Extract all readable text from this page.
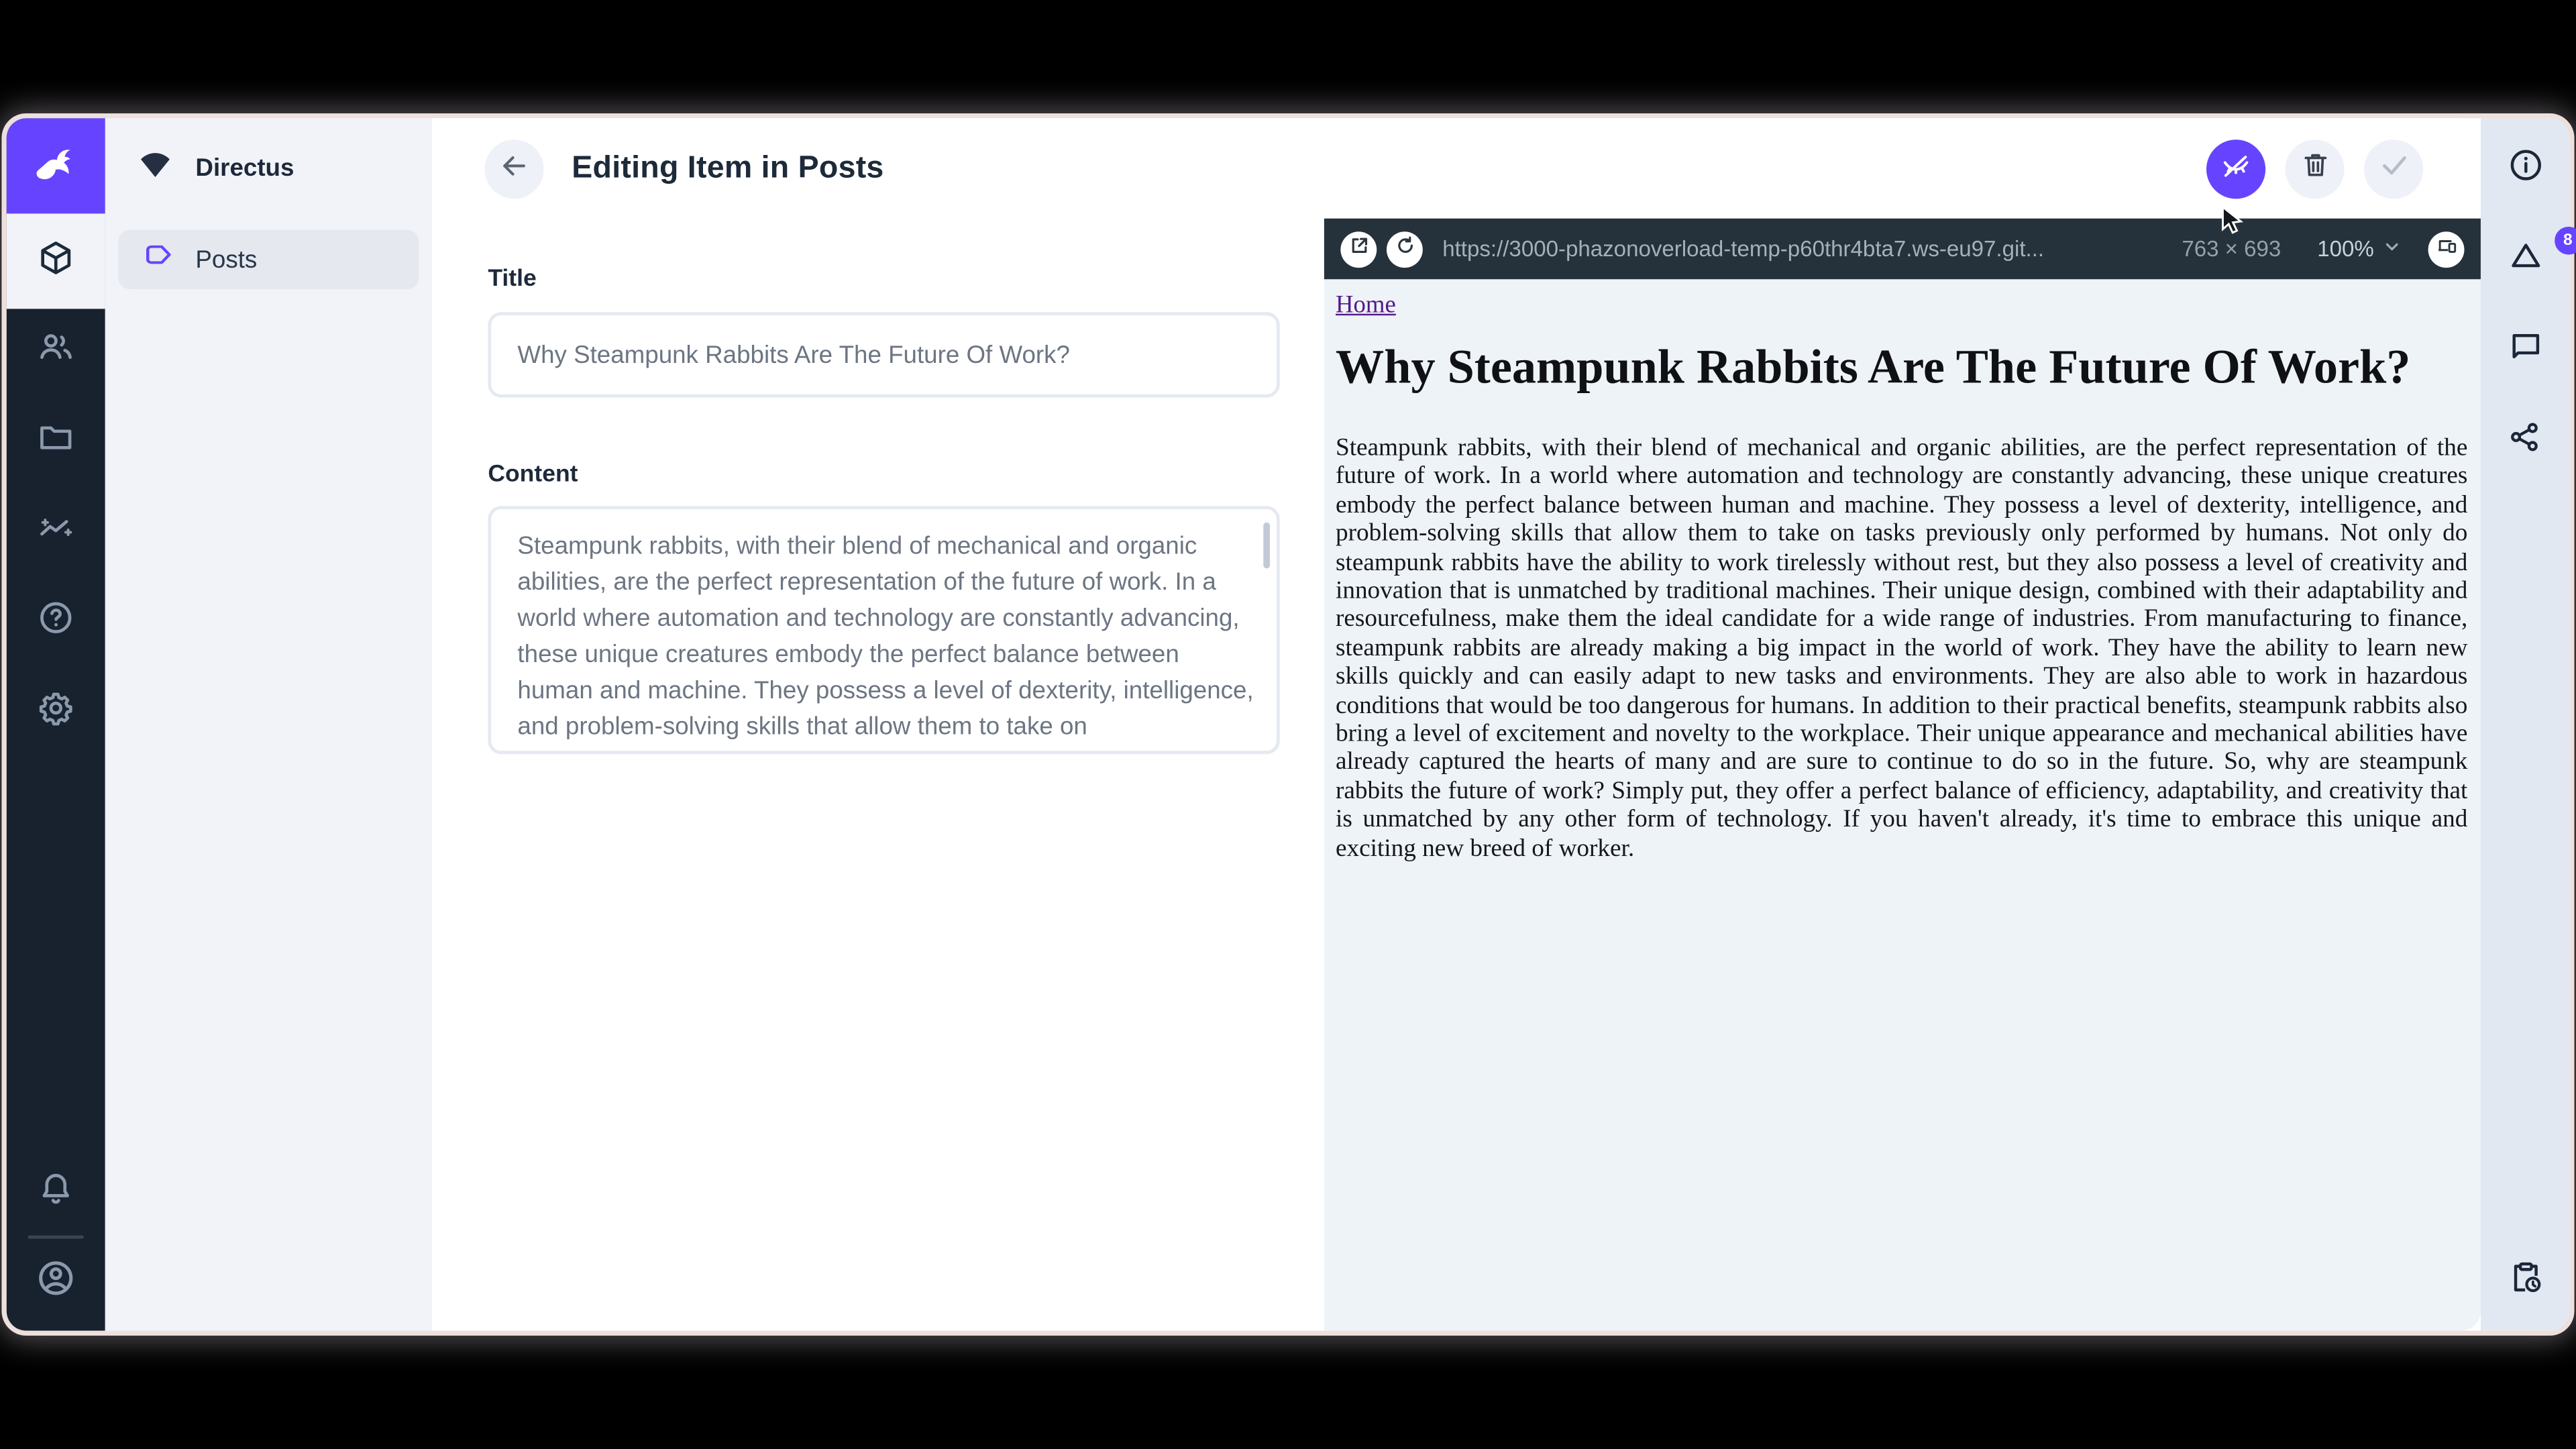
Directus
Posts
Editing Item in Posts
Title
Why Steampunk Rabbits Are The Future Of Work?
Content
Steampunk rabbits, with their blend of mechanical and organic abilities, are the perfect representation of the future of work. In a world where automation and technology are constantly advancing, these unique creatures embody the perfect balance between human and machine. They possess a level of dexterity, intelligence, and problem-solving skills that allow them to take on
https://3000-phazonoverload-temp-p60thr4bta7.ws-eu97.git...	763 × 693	100%
Home
Why Steampunk Rabbits Are The Future Of Work?

Steampunk rabbits, with their blend of mechanical and organic abilities, are the perfect representation of the future of work. In a world where automation and technology are constantly advancing, these unique creatures embody the perfect balance between human and machine. They possess a level of dexterity, intelligence, and problem-solving skills that allow them to take on tasks previously only performed by humans. Not only do steampunk rabbits have the ability to work tirelessly without rest, but they also possess a level of creativity and innovation that is unmatched by traditional machines. Their unique design, combined with their adaptability and resourcefulness, make them the ideal candidate for a wide range of industries. From manufacturing to finance, steampunk rabbits are already making a big impact in the world of work. They have the ability to learn new skills quickly and can easily adapt to new tasks and environments. They are also able to work in hazardous conditions that would be too dangerous for humans. In addition to their practical benefits, steampunk rabbits also bring a level of excitement and novelty to the workplace. Their unique appearance and mechanical abilities have already captured the hearts of many and are sure to continue to do so in the future. So, why are steampunk rabbits the future of work? Simply put, they offer a perfect balance of efficiency, adaptability, and creativity that is unmatched by any other form of technology. If you haven't already, it's time to embrace this unique and exciting new breed of worker.

8
